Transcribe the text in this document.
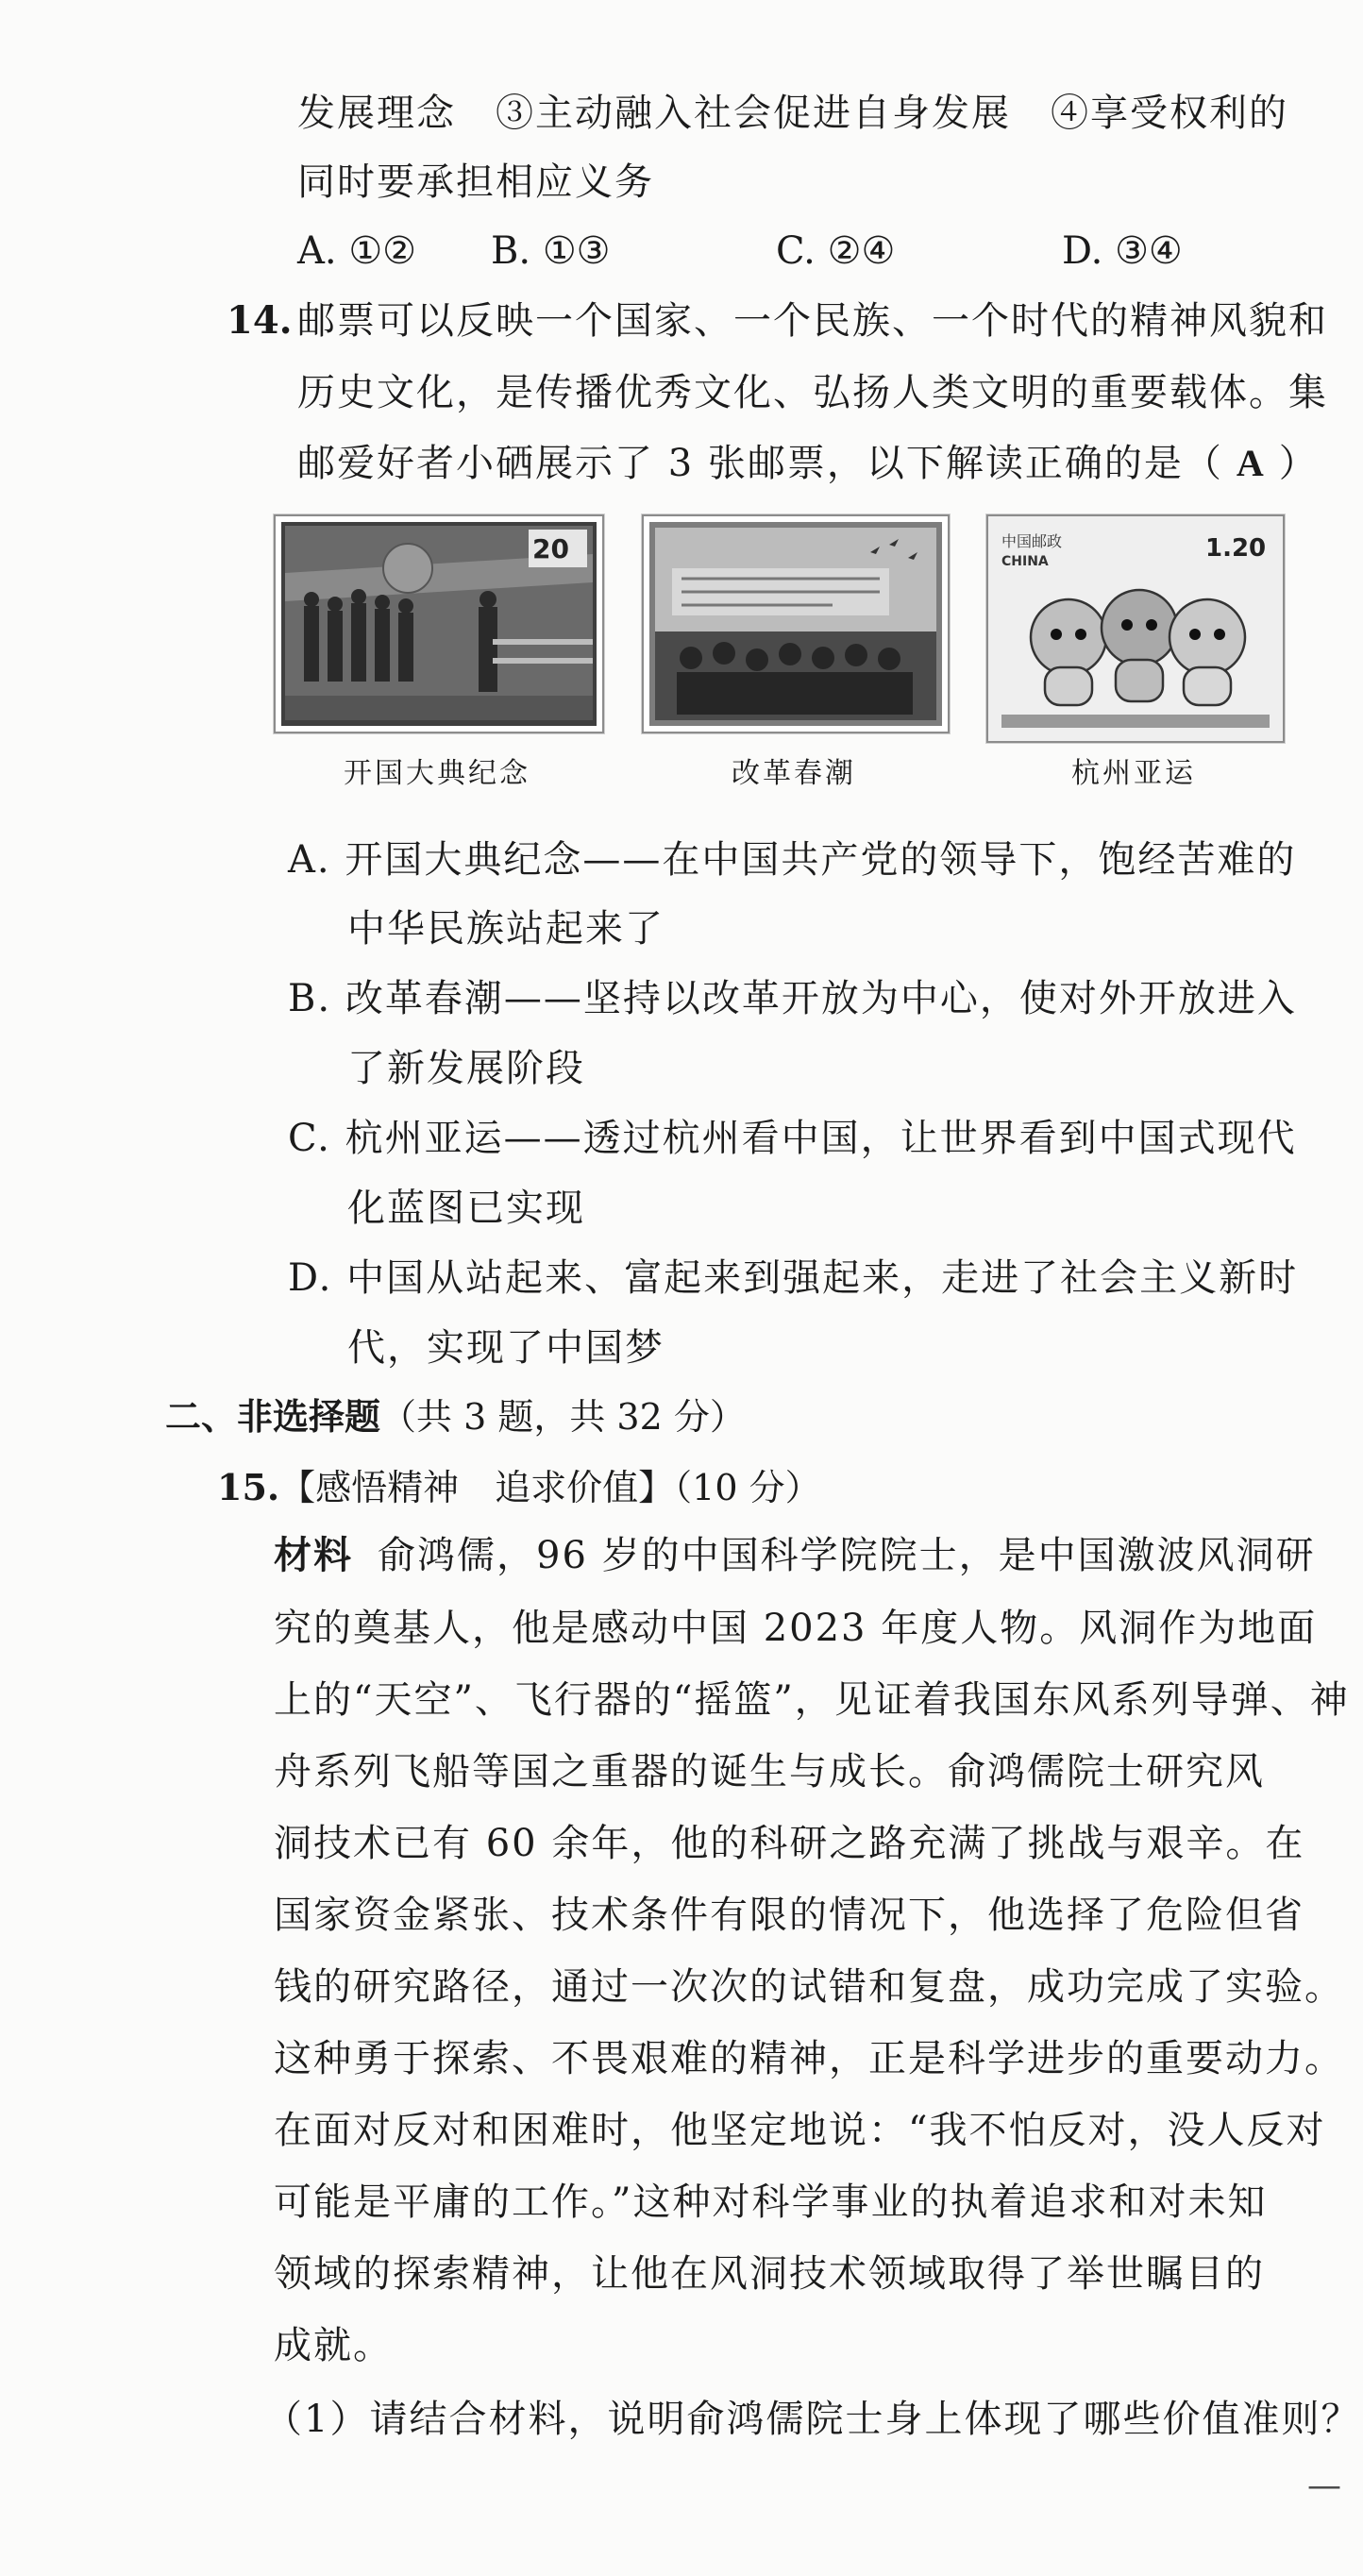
发展理念　③主动融入社会促进自身发展　④享受权利的
同时要承担相应义务
A. ①② B. ①③	C. ②④	D. ③④
14. 邮票可以反映一个国家、一个民族、一个时代的精神风貌和
历史文化，是传播优秀文化、弘扬人类文明的重要载体。集
邮爱好者小硒展示了 3 张邮票，以下解读正确的是（ A ）
20	中国邮政
CHINA	1.20
开国大典纪念	改革春潮	杭州亚运
A. 开国大典纪念——在中国共产党的领导下，饱经苦难的
中华民族站起来了
B. 改革春潮——坚持以改革开放为中心，使对外开放进入
了新发展阶段
C. 杭州亚运——透过杭州看中国，让世界看到中国式现代
化蓝图已实现
D. 中国从站起来、富起来到强起来，走进了社会主义新时
代，实现了中国梦
二、非选择题（共 3 题，共 32 分）
15.【感悟精神　追求价值】（10 分）
材料 俞鸿儒，96 岁的中国科学院院士，是中国激波风洞研
究的奠基人，他是感动中国 2023 年度人物。风洞作为地面
上的“天空”、飞行器的“摇篮”，见证着我国东风系列导弹、神
舟系列飞船等国之重器的诞生与成长。俞鸿儒院士研究风
洞技术已有 60 余年，他的科研之路充满了挑战与艰辛。在
国家资金紧张、技术条件有限的情况下，他选择了危险但省
钱的研究路径，通过一次次的试错和复盘，成功完成了实验。
这种勇于探索、不畏艰难的精神，正是科学进步的重要动力。
在面对反对和困难时，他坚定地说：“我不怕反对，没人反对
可能是平庸的工作。”这种对科学事业的执着追求和对未知
领域的探索精神，让他在风洞技术领域取得了举世瞩目的
成就。
（1）请结合材料，说明俞鸿儒院士身上体现了哪些价值准则？
—
